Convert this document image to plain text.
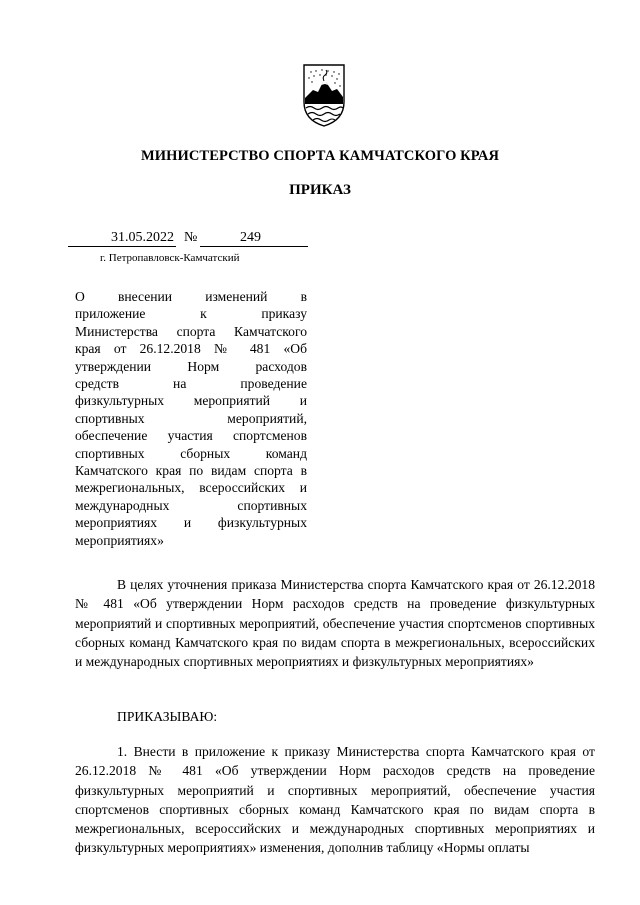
МИНИСТЕРСТВО СПОРТА КАМЧАТСКОГО КРАЯ
ПРИКАЗ
31.05.2022 №	249
г. Петропавловск-Камчатский
О внесении изменений в
приложение к приказу
Министерства спорта Камчатского
края от 26.12.2018 № 481 «Об
утверждении Норм расходов
средств на проведение
физкультурных мероприятий и
спортивных мероприятий,
обеспечение участия спортсменов
спортивных сборных команд
Камчатского края по видам спорта в
межрегиональных, всероссийских и
международных спортивных
мероприятиях и физкультурных
мероприятиях»

В целях уточнения приказа Министерства спорта Камчатского края от 26.12.2018 № 481 «Об утверждении Норм расходов средств на проведение физкультурных мероприятий и спортивных мероприятий, обеспечение участия спортсменов спортивных сборных команд Камчатского края по видам спорта в межрегиональных, всероссийских и международных спортивных мероприятиях и физкультурных мероприятиях»

ПРИКАЗЫВАЮ:

1. Внести в приложение к приказу Министерства спорта Камчатского края от 26.12.2018 № 481 «Об утверждении Норм расходов средств на проведение физкультурных мероприятий и спортивных мероприятий, обеспечение участия спортсменов спортивных сборных команд Камчатского края по видам спорта в межрегиональных, всероссийских и международных спортивных мероприятиях и физкультурных мероприятиях» изменения, дополнив таблицу «Нормы оплаты
